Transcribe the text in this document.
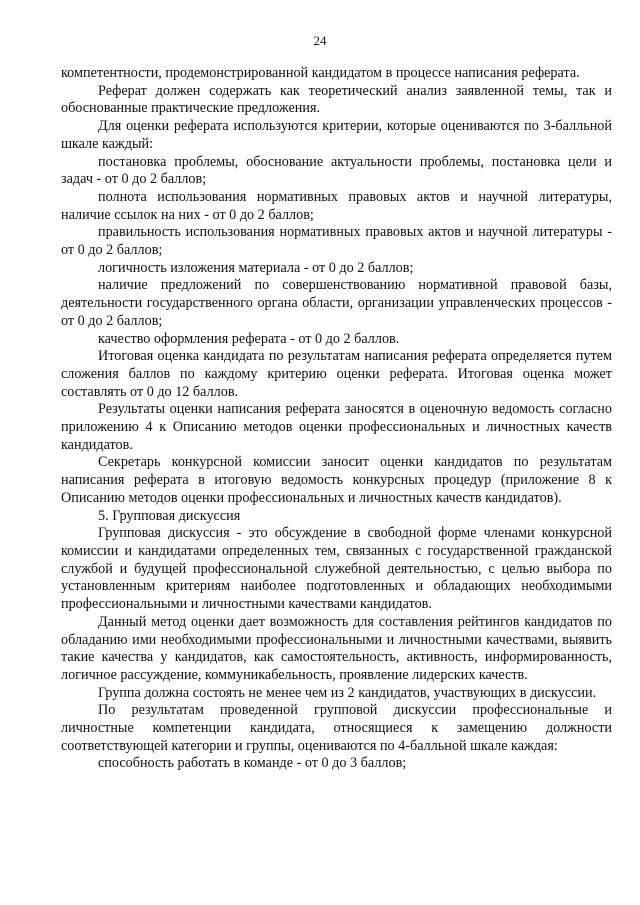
24

компетентности, продемонстрированной кандидатом в процессе написания реферата.

Реферат должен содержать как теоретический анализ заявленной темы, так и обоснованные практические предложения.

Для оценки реферата используются критерии, которые оцениваются по 3-балльной шкале каждый:

постановка проблемы, обоснование актуальности проблемы, постановка цели и задач - от 0 до 2 баллов;

полнота использования нормативных правовых актов и научной литературы, наличие ссылок на них - от 0 до 2 баллов;

правильность использования нормативных правовых актов и научной литературы - от 0 до 2 баллов;

логичность изложения материала - от 0 до 2 баллов;

наличие предложений по совершенствованию нормативной правовой базы, деятельности государственного органа области, организации управленческих процессов - от 0 до 2 баллов;

качество оформления реферата - от 0 до 2 баллов.

Итоговая оценка кандидата по результатам написания реферата определяется путем сложения баллов по каждому критерию оценки реферата. Итоговая оценка может составлять от 0 до 12 баллов.

Результаты оценки написания реферата заносятся в оценочную ведомость согласно приложению 4 к Описанию методов оценки профессиональных и личностных качеств кандидатов.

Секретарь конкурсной комиссии заносит оценки кандидатов по результатам написания реферата в итоговую ведомость конкурсных процедур (приложение 8 к Описанию методов оценки профессиональных и личностных качеств кандидатов).

5. Групповая дискуссия

Групповая дискуссия - это обсуждение в свободной форме членами конкурсной комиссии и кандидатами определенных тем, связанных с государственной гражданской службой и будущей профессиональной служебной деятельностью, с целью выбора по установленным критериям наиболее подготовленных и обладающих необходимыми профессиональными и личностными качествами кандидатов.

Данный метод оценки дает возможность для составления рейтингов кандидатов по обладанию ими необходимыми профессиональными и личностными качествами, выявить такие качества у кандидатов, как самостоятельность, активность, информированность, логичное рассуждение, коммуникабельность, проявление лидерских качеств.

Группа должна состоять не менее чем из 2 кандидатов, участвующих в дискуссии.

По результатам проведенной групповой дискуссии профессиональные и личностные компетенции кандидата, относящиеся к замещению должности соответствующей категории и группы, оцениваются по 4-балльной шкале каждая:

способность работать в команде - от 0 до 3 баллов;
